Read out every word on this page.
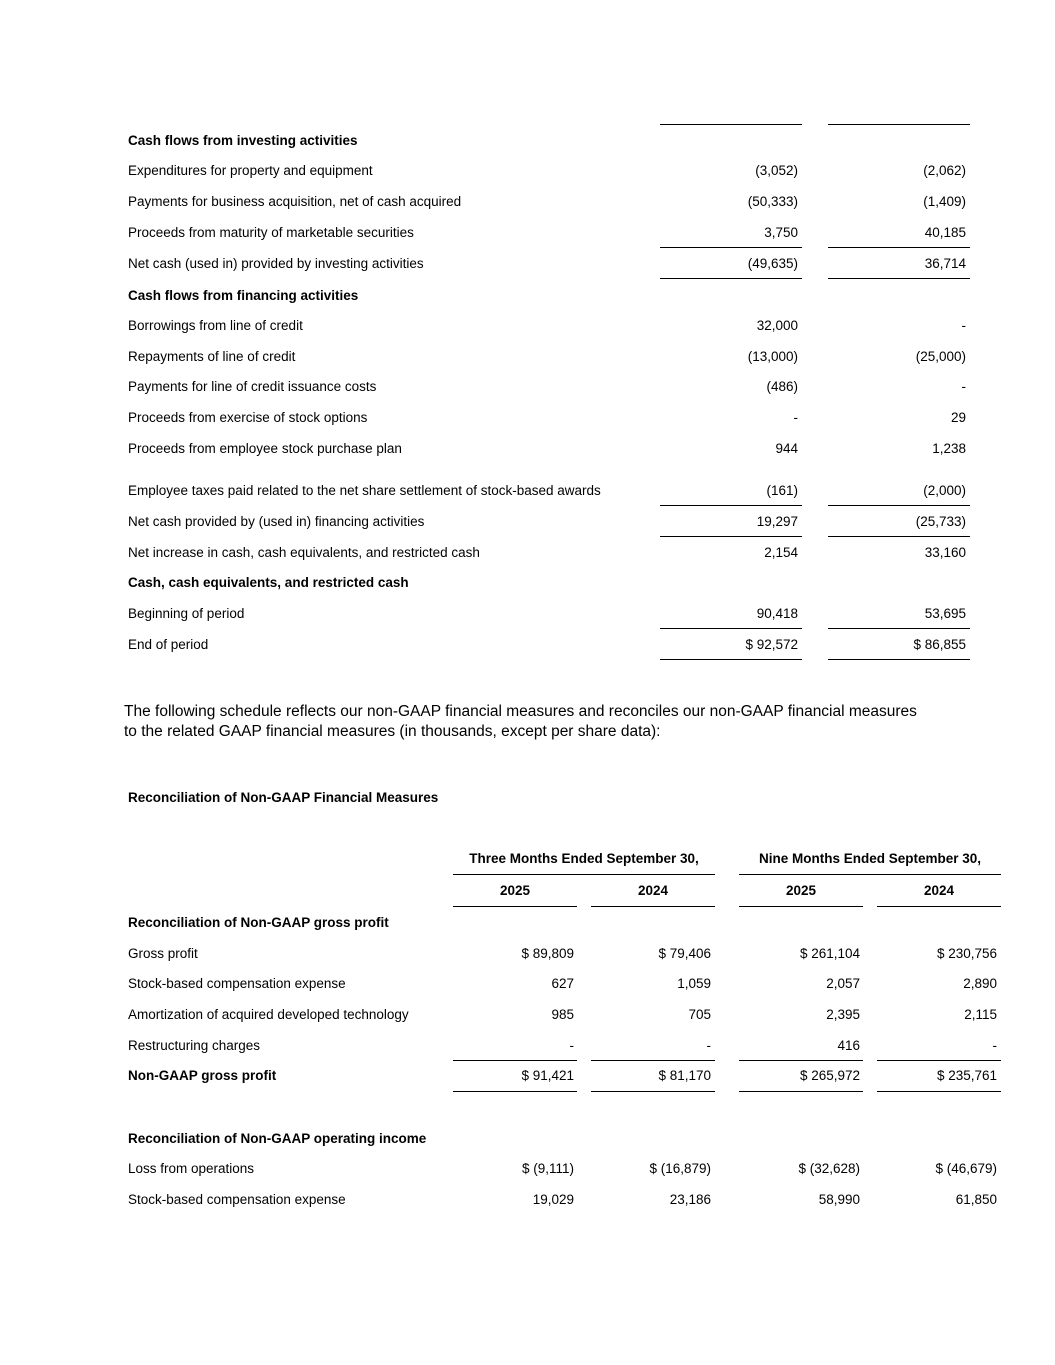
Cash flows from investing activities
Expenditures for property and equipment	(3,052)	(2,062)
Payments for business acquisition, net of cash acquired	(50,333)	(1,409)
Proceeds from maturity of marketable securities	3,750	40,185
Net cash (used in) provided by investing activities	(49,635)	36,714
Cash flows from financing activities
Borrowings from line of credit	32,000	-
Repayments of line of credit	(13,000)	(25,000)
Payments for line of credit issuance costs	(486)	-
Proceeds from exercise of stock options	-	29
Proceeds from employee stock purchase plan	944	1,238
Employee taxes paid related to the net share settlement of stock-based awards	(161)	(2,000)
Net cash provided by (used in) financing activities	19,297	(25,733)
Net increase in cash, cash equivalents, and restricted cash	2,154	33,160
Cash, cash equivalents, and restricted cash
Beginning of period	90,418	53,695
End of period	$ 92,572	$ 86,855
The following schedule reflects our non-GAAP financial measures and reconciles our non-GAAP financial measures
to the related GAAP financial measures (in thousands, except per share data):
Reconciliation of Non-GAAP Financial Measures
Three Months Ended September 30,	Nine Months Ended September 30,
2025	2024	2025	2024
Reconciliation of Non-GAAP gross profit
Gross profit	$ 89,809	$ 79,406	$ 261,104	$ 230,756
Stock-based compensation expense	627	1,059	2,057	2,890
Amortization of acquired developed technology	985	705	2,395	2,115
Restructuring charges	-	-	416	-
Non-GAAP gross profit	$ 91,421	$ 81,170	$ 265,972	$ 235,761
Reconciliation of Non-GAAP operating income
Loss from operations	$ (9,111)	$ (16,879)	$ (32,628)	$ (46,679)
Stock-based compensation expense	19,029	23,186	58,990	61,850
